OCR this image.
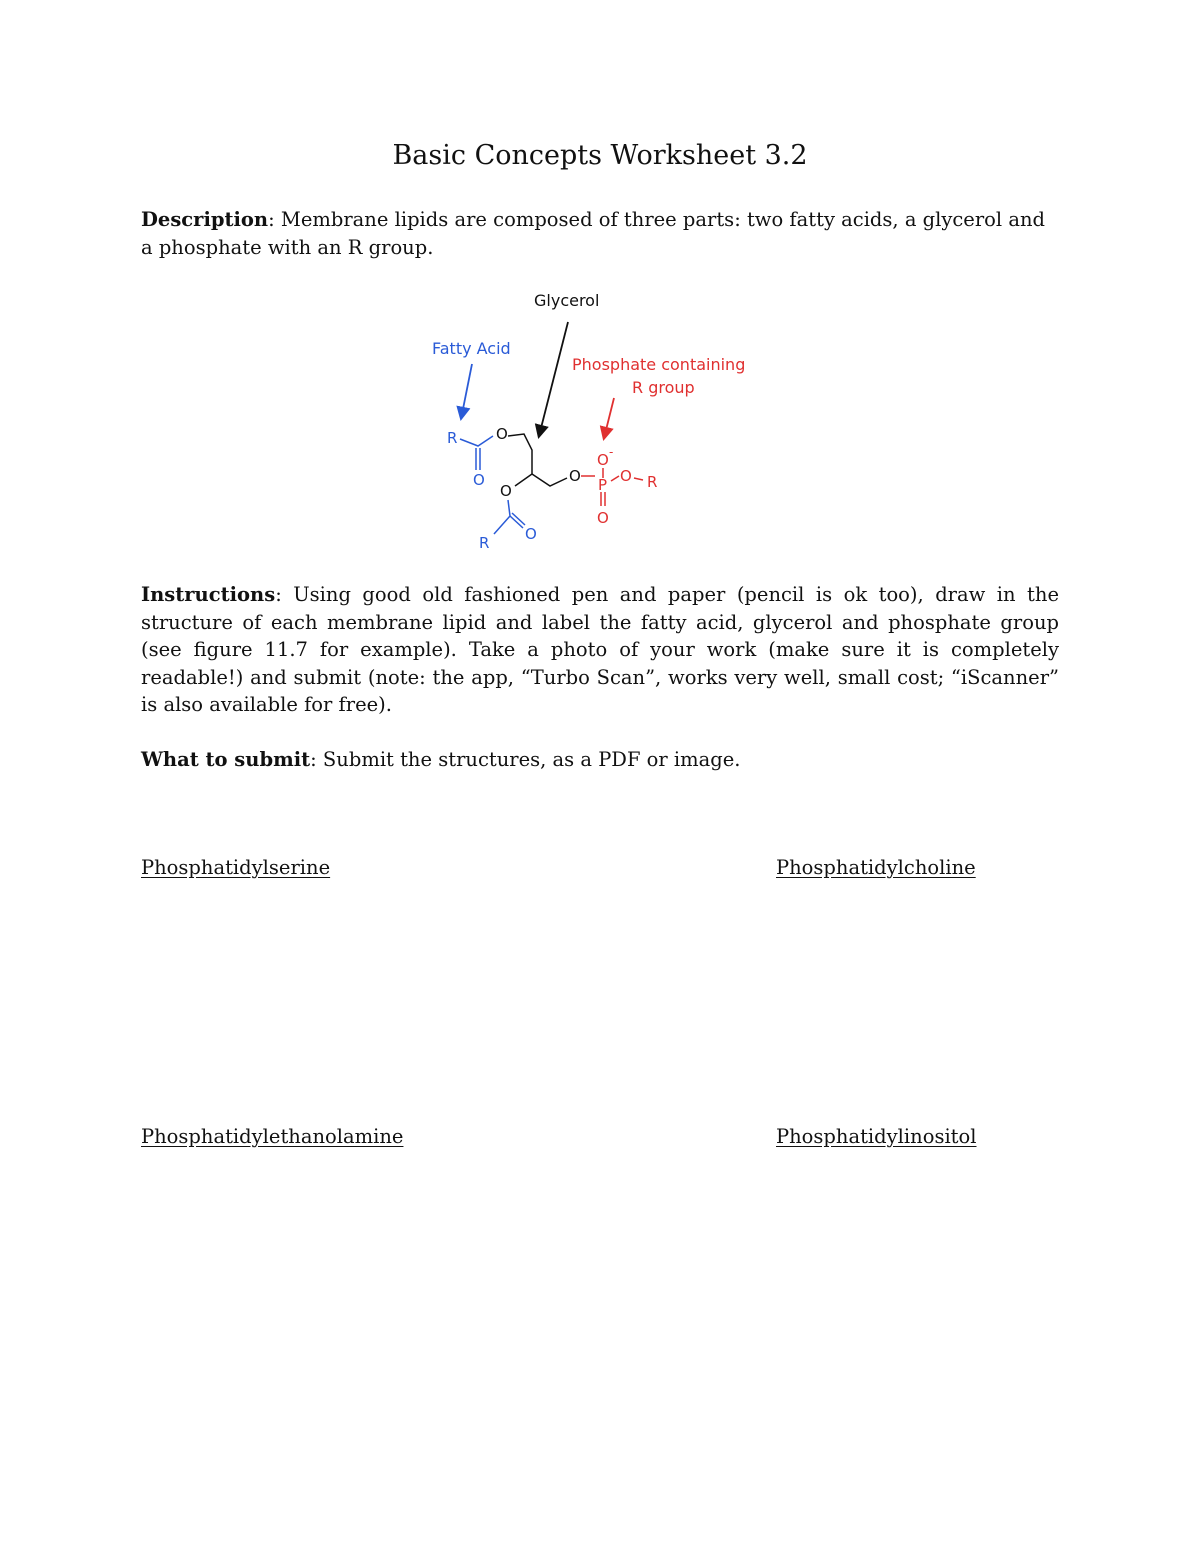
Basic Concepts Worksheet 3.2
Description: Membrane lipids are composed of three parts: two fatty acids, a glycerol and a phosphate with an R group.
Glycerol
Fatty Acid
Phosphate containing
R group
R	O
O
O
R O
O
O -
P O R
O
Instructions: Using good old fashioned pen and paper (pencil is ok too), draw in the
structure of each membrane lipid and label the fatty acid, glycerol and phosphate group
(see figure 11.7 for example). Take a photo of your work (make sure it is completely
readable!) and submit (note: the app, “Turbo Scan”, works very well, small cost; “iScanner”
is also available for free).
What to submit: Submit the structures, as a PDF or image.
Phosphatidylserine	Phosphatidylcholine
Phosphatidylethanolamine	Phosphatidylinositol
